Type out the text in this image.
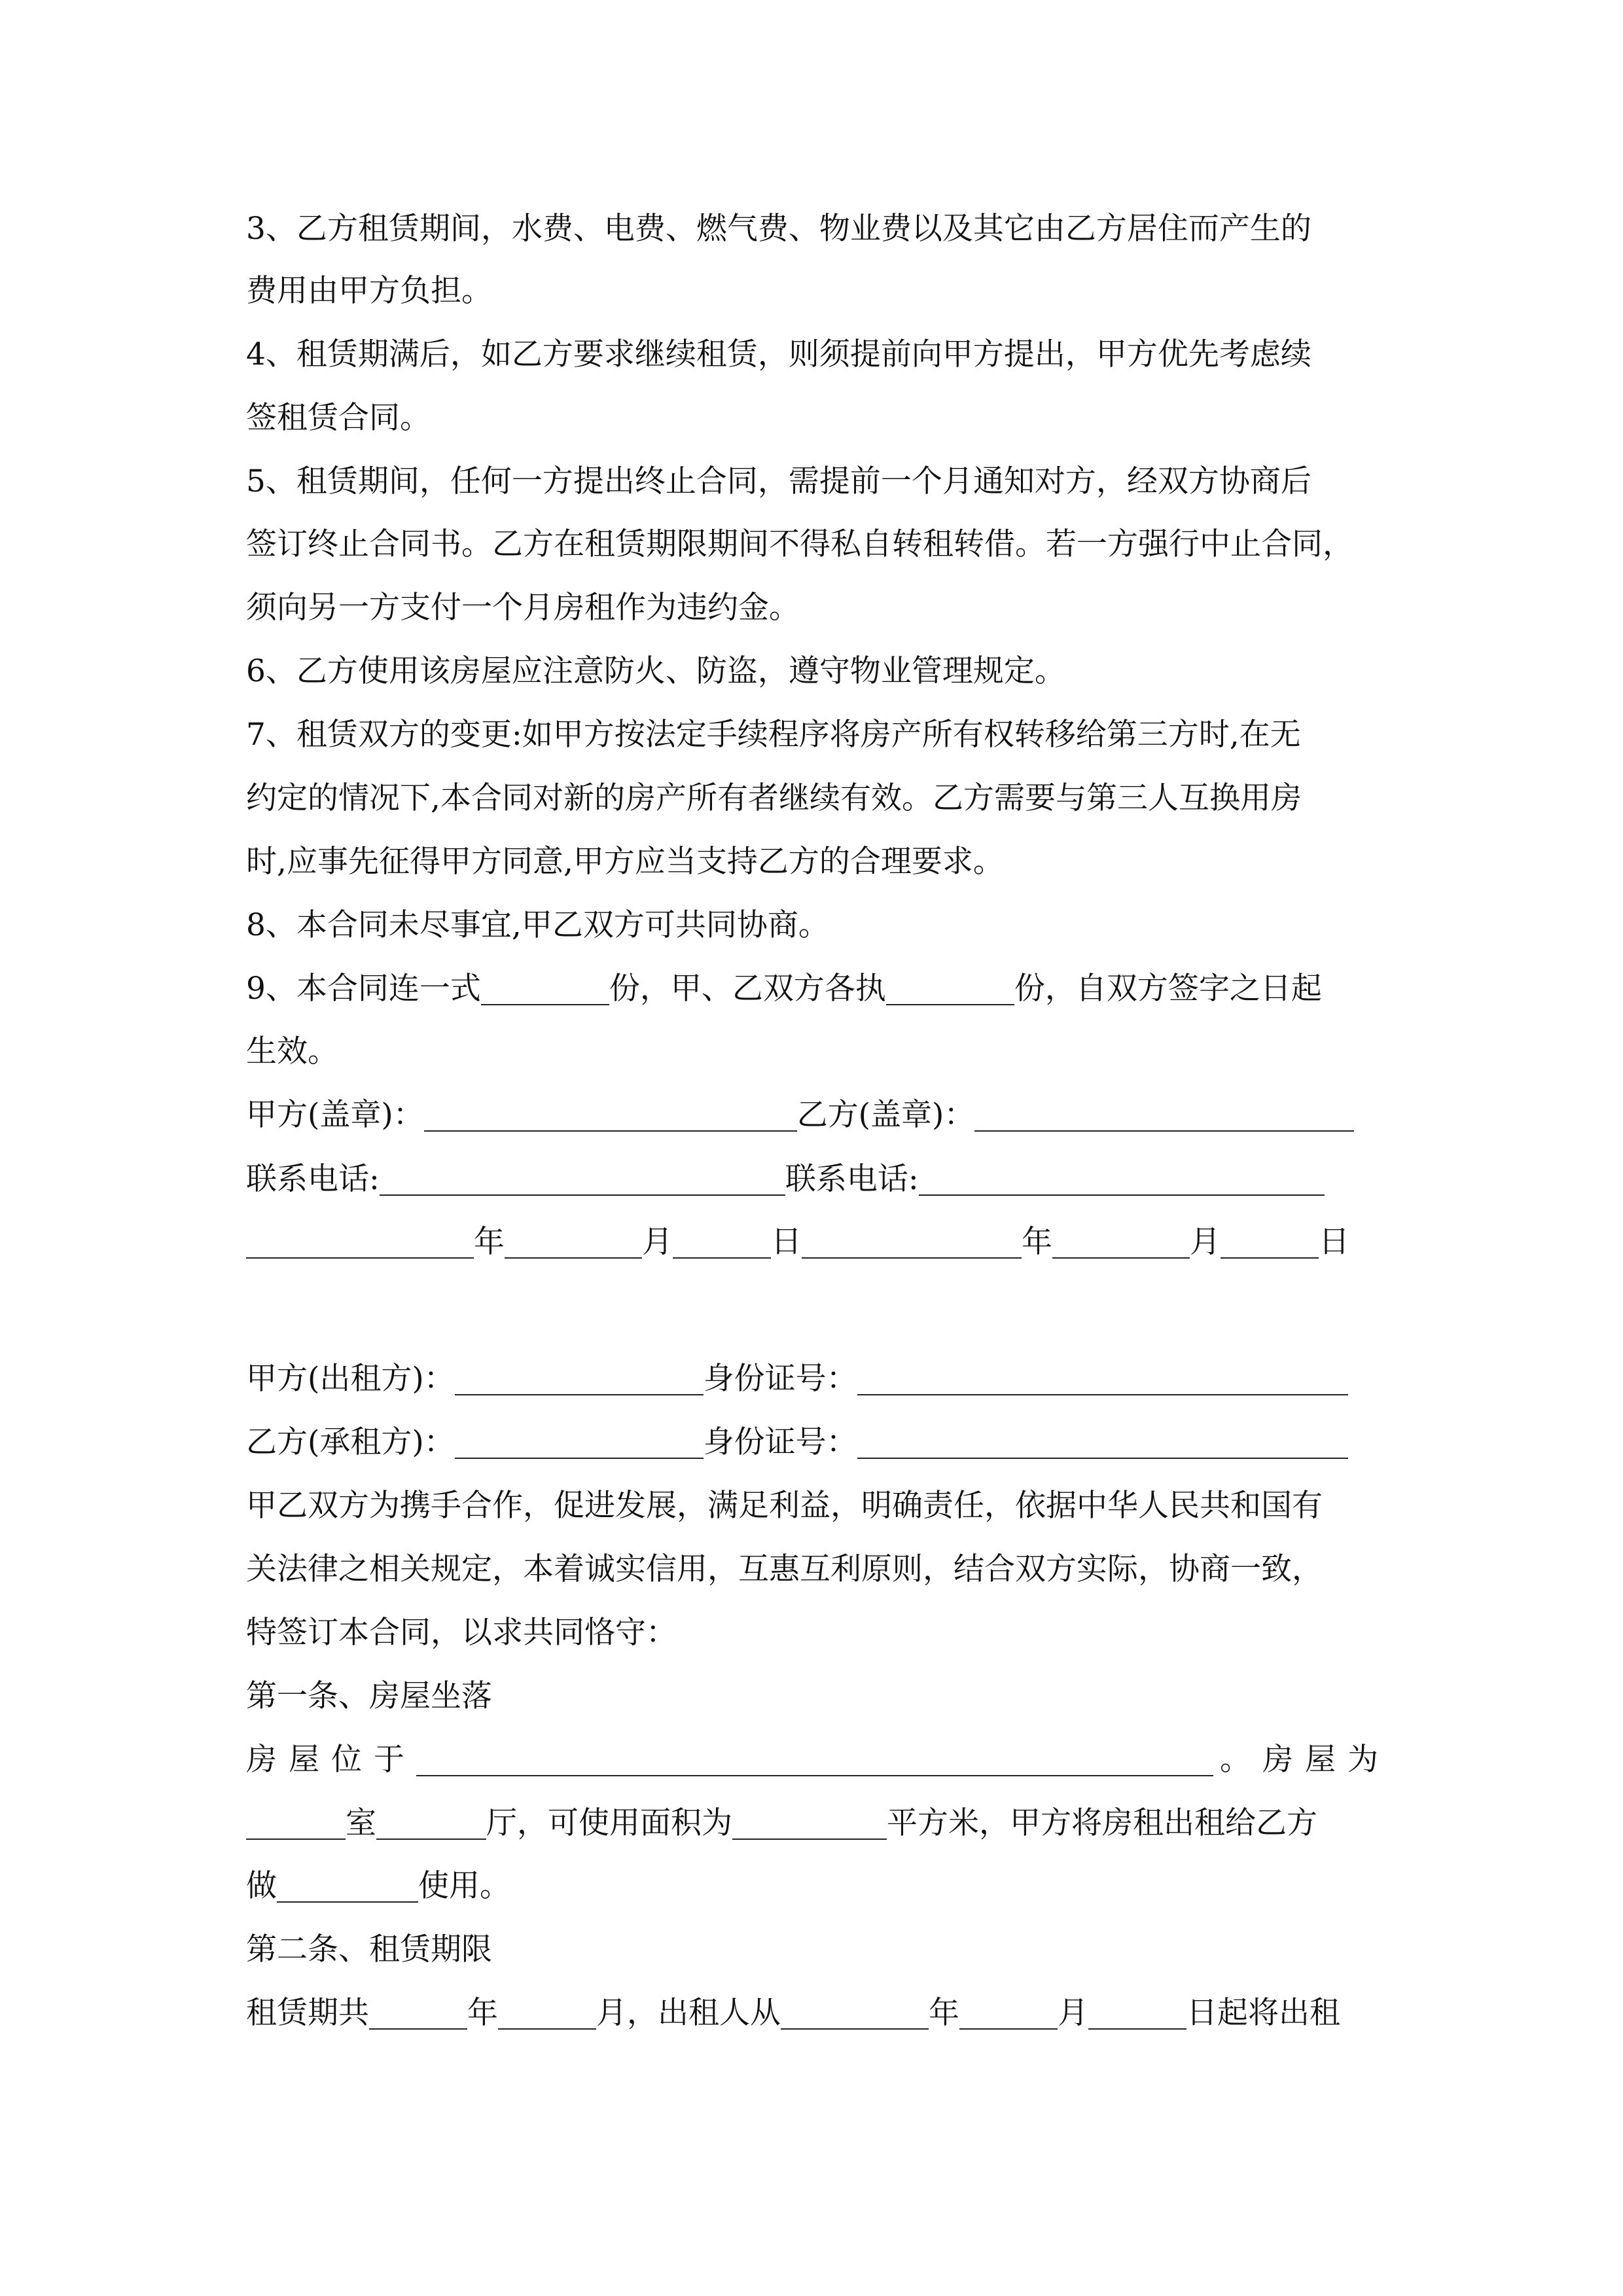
3、乙方租赁期间，水费、电费、燃气费、物业费以及其它由乙方居住而产生的
费用由甲方负担。
4、租赁期满后，如乙方要求继续租赁，则须提前向甲方提出，甲方优先考虑续
签租赁合同。
5、租赁期间，任何一方提出终止合同，需提前一个月通知对方，经双方协商后
签订终止合同书。乙方在租赁期限期间不得私自转租转借。若一方强行中止合同，
须向另一方支付一个月房租作为违约金。
6、乙方使用该房屋应注意防火、防盗，遵守物业管理规定。
7、租赁双方的变更:如甲方按法定手续程序将房产所有权转移给第三方时,在无
约定的情况下,本合同对新的房产所有者继续有效。乙方需要与第三人互换用房
时,应事先征得甲方同意,甲方应当支持乙方的合理要求。
8、本合同未尽事宜,甲乙双方可共同协商。
9、本合同连一式	份，甲、乙双方各执	份，自双方签字之日起
生效。
甲方(盖章)：	乙方(盖章)：
联系电话:	联系电话:
年	月	日	年	月	日
甲方(出租方)：	身份证号：
乙方(承租方)：	身份证号：
甲乙双方为携手合作，促进发展，满足利益，明确责任，依据中华人民共和国有
关法律之相关规定，本着诚实信用，互惠互利原则，结合双方实际，协商一致，
特签订本合同，以求共同恪守：
第一条、房屋坐落
房屋位于	。房屋为
室	厅，可使用面积为	平方米，甲方将房租出租给乙方
做	使用。
第二条、租赁期限
租赁期共	年	月，出租人从	年	月	日起将出租
